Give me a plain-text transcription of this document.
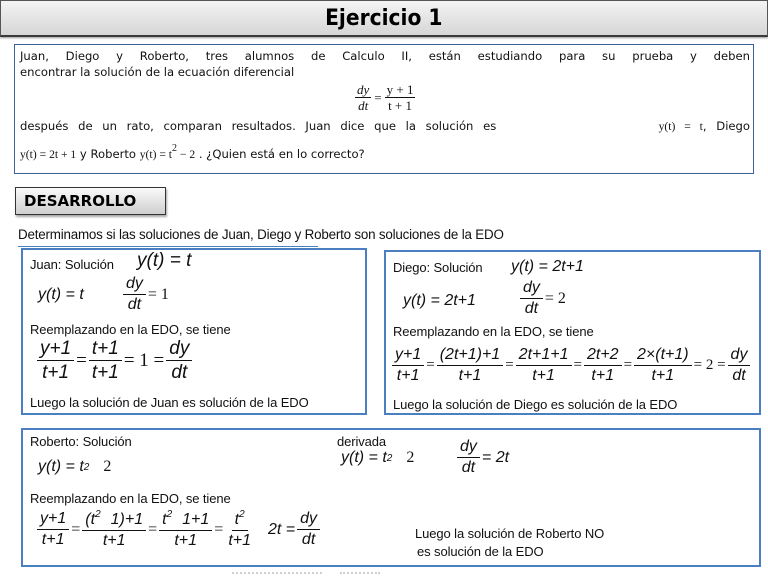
Ejercicio 1
Juan, Diego y Roberto, tres alumnos de Calculo II, están estudiando para su prueba y deben
encontrar la solución de la ecuación diferencial
$\frac{dy}{dt} = \frac{y + 1}{t + 1}$
después de un rato, comparan resultados. Juan dice que la solución es	y(t) = t, Diego
y(t) = 2t + 1 y Roberto $y(t) = t^2 - 2$ . ¿Quien está en lo correcto?
DESARROLLO
Determinamos si las soluciones de Juan, Diego y Roberto son soluciones de la EDO
Juan: Solución y(t) = t
y(t) = t $\frac{dy}{dt} = 1$
Reemplazando en la EDO, se tiene
$\frac{y+1}{t+1} = \frac{t+1}{t+1} = 1 = \frac{dy}{dt}$
Luego la solución de Juan es solución de la EDO
Diego: Solución y(t) = 2t+1
y(t) = 2t+1	$\frac{dy}{dt} = 2$
Reemplazando en la EDO, se tiene
$\frac{y+1}{t+1} = \frac{(2t+1)+1}{t+1} = \frac{2t+1+1}{t+1} = \frac{2t+2}{t+1} = \frac{2\times(t+1)}{t+1} = 2 = \frac{dy}{dt}$
Luego la solución de Diego es solución de la EDO
Roberto: Solución
y(t) = t 2 2
derivada
y(t) = t 2 2	$\frac{dy}{dt} = 2t$
Reemplazando en la EDO, se tiene
$\frac{y+1}{t+1} = \frac{(t^2 1)+1}{t+1} = \frac{t^2 1+1}{t+1} = \frac{t^2}{t+1} 2t = \frac{dy}{dt}$	Luego la solución de Roberto NO
es solución de la EDO
